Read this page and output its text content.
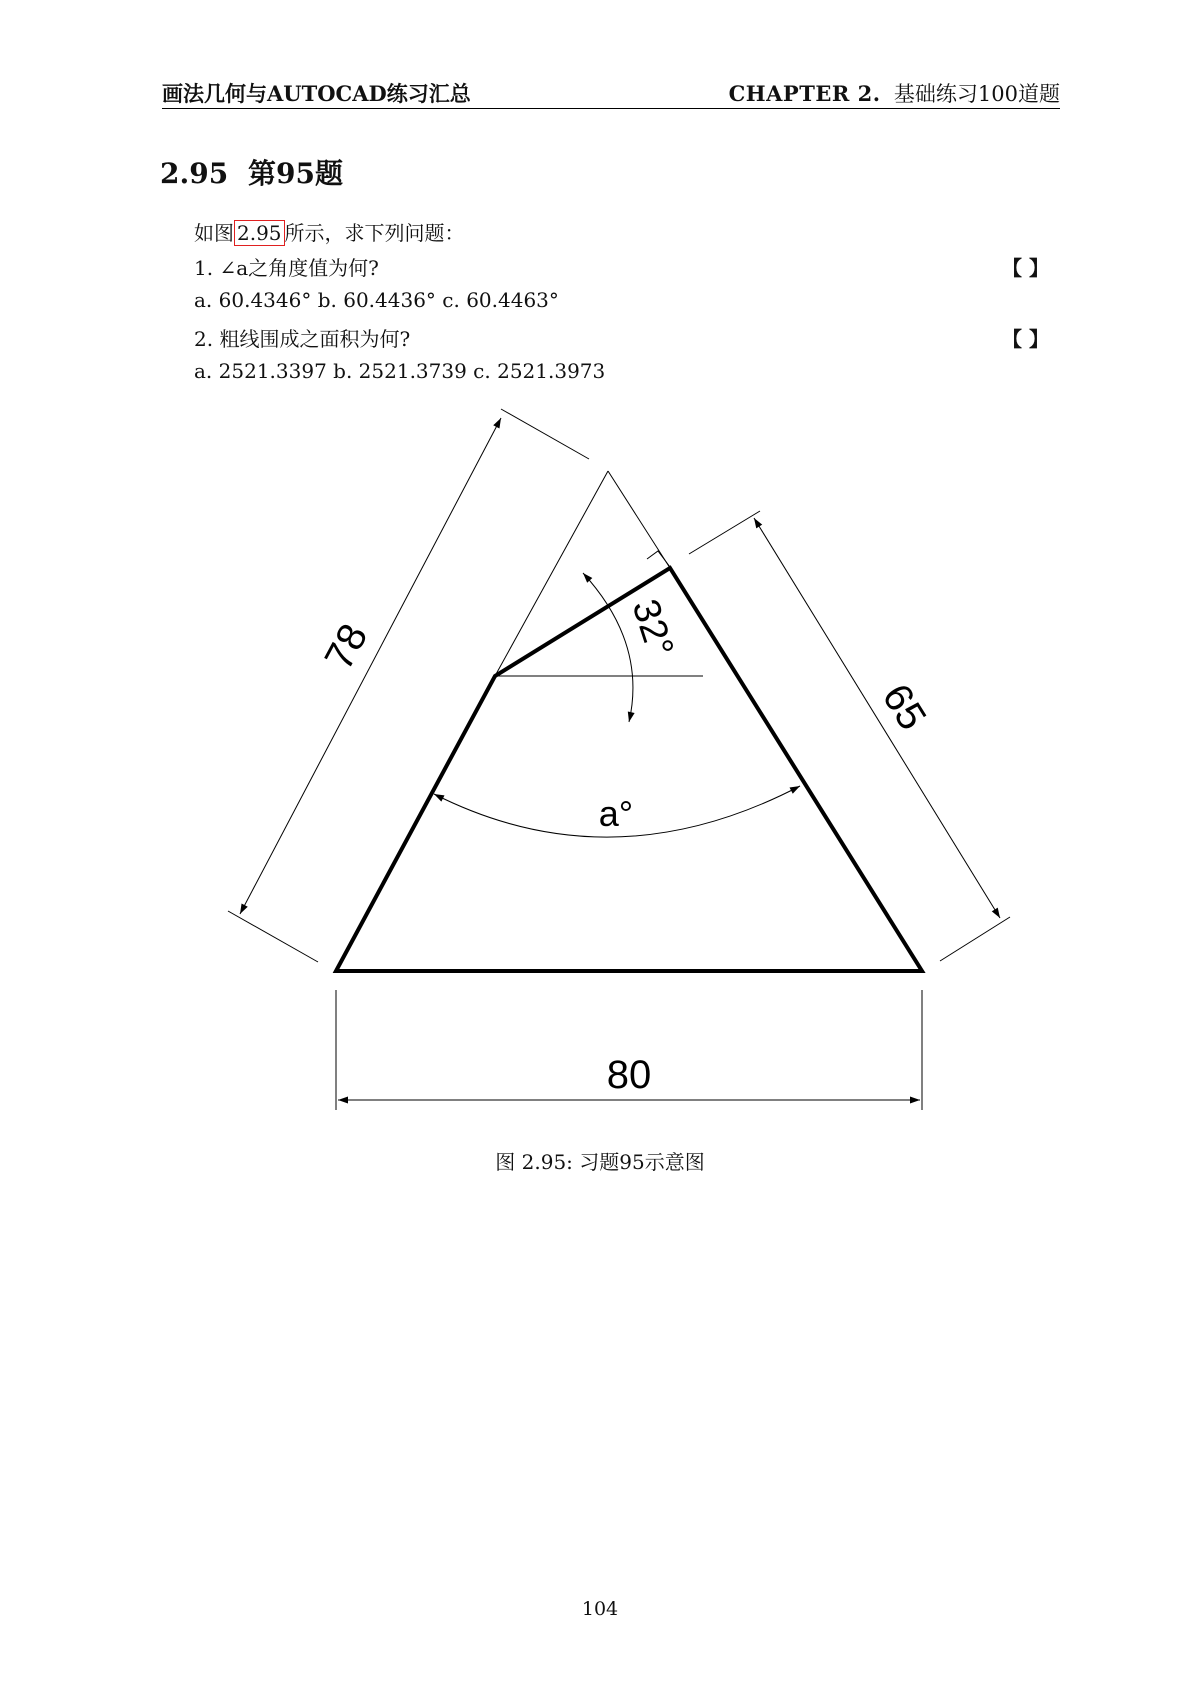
画法几何与AUTOCAD练习汇总	CHAPTER 2. 基础练习100道题
2.95 第95题
如图 2.95 所示，求下列问题：
1. ∠a之角度值为何?	【 】
a. 60.4346° b. 60.4436° c. 60.4463°
2. 粗线围成之面积为何?	【 】
a. 2521.3397 b. 2521.3739 c. 2521.3973
78
65
80
32°
a°
图 2.95: 习题95示意图
104
